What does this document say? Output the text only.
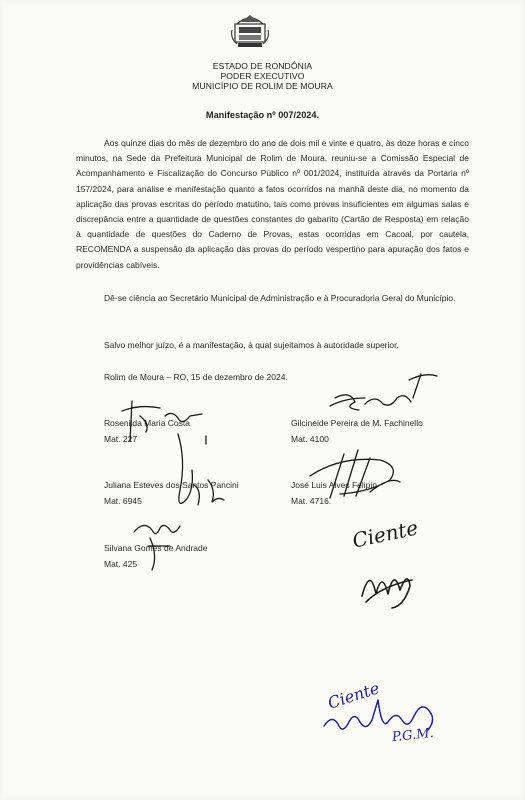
ESTADO DE RONDÔNIA
PODER EXECUTIVO
MUNICÍPIO DE ROLIM DE MOURA
Manifestação nº 007/2024.

Aos quinze dias do mês de dezembro do ano de dois mil e vinte e quatro, às doze horas e cinco minutos, na Sede da Prefeitura Municipal de Rolim de Moura, reuniu-se a Comissão Especial de Acompanhamento e Fiscalização do Concurso Público nº 001/2024, instituída através da Portaria nº 157/2024, para análise e manifestação quanto a fatos ocorridos na manhã deste dia, no momento da aplicação das provas escritas do período matutino, tais como provas insuficientes em algumas salas e discrepância entre a quantidade de questões constantes do gabarito (Cartão de Resposta) em relação à quantidade de questões do Caderno de Provas, estas ocorridas em Cacoal, por cautela, RECOMENDA a suspensão da aplicação das provas do período vespertino para apuração dos fatos e providências cabíveis.

Dê-se ciência ao Secretário Municipal de Administração e à Procuradoria Geral do Município.

Salvo melhor juízo, é a manifestação, à qual sujeitamos à autoridade superior.
Rolim de Moura – RO, 15 de dezembro de 2024.
Rosenilda Maria Costa
Mat. 227
Gilcineide Pereira de M. Fachinello
Mat. 4100
Juliana Esteves dos Santos Pancini
Mat. 6945
José Luis Alves Felipin
Mat. 4716.
Silvana Gomes de Andrade
Mat. 425
Ciente
Ciente
P.G.M.
